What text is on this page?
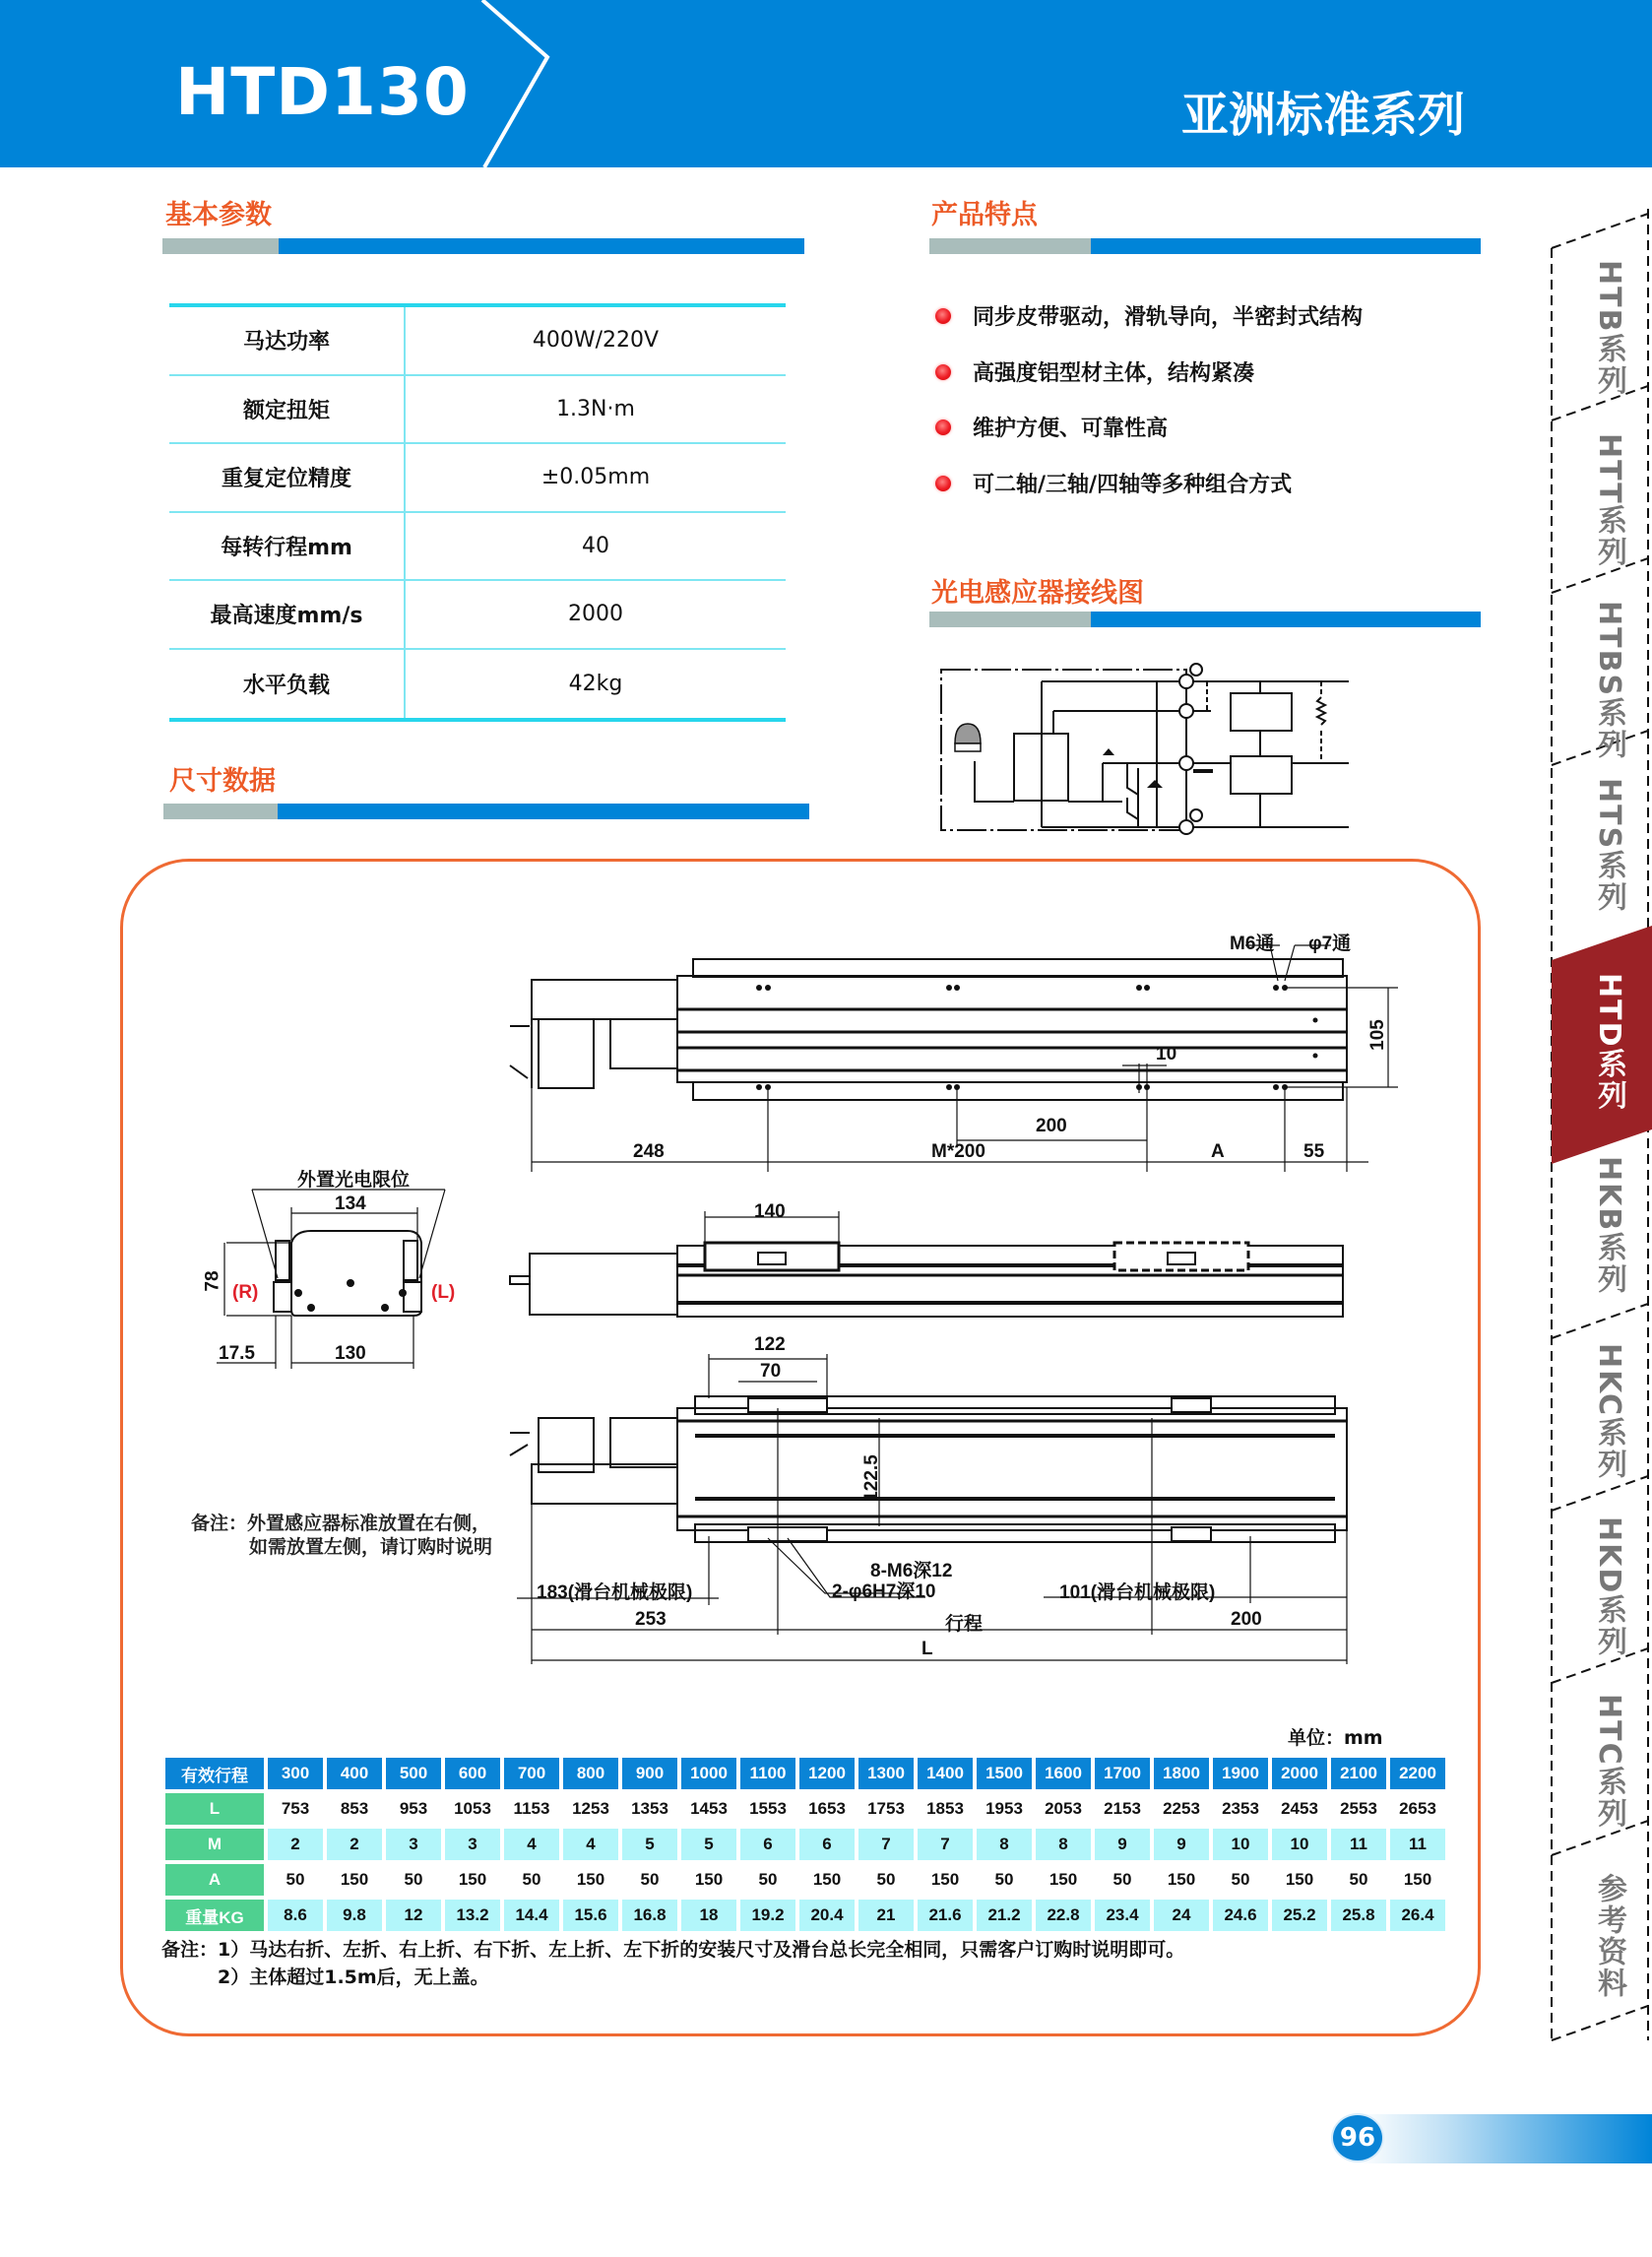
HTD130	亚洲标准系列
基本参数
马达功率	400W/220V
额定扭矩	1.3N·m
重复定位精度	±0.05mm
每转行程mm	40
最高速度mm/s	2000
水平负载	42kg
产品特点
同步皮带驱动，滑轨导向，半密封式结构
高强度铝型材主体，结构紧凑
维护方便、可靠性高
可二轴/三轴/四轴等多种组合方式
光电感应器接线图
尺寸数据
M6通 φ7通
10
105
200
248	M*200	A	55
外置光电限位
134
78
(R)	(L)
17.5	130
140
122
70
122.5
8-M6深12
2-φ6H7深10
183(滑台机械极限)	101(滑台机械极限)
253	行程	200
L
备注：外置感应器标准放置在右侧，
如需放置左侧，请订购时说明
单位：mm
有效行程	300	400	500	600	700	800	900	1000	1100	1200	1300	1400	1500	1600	1700	1800	1900	2000	2100	2200
L	753	853	953	1053	1153	1253	1353	1453	1553	1653	1753	1853	1953	2053	2153	2253	2353	2453	2553	2653
M	2	2	3	3	4	4	5	5	6	6	7	7	8	8	9	9	10	10	11	11
A	50	150	50	150	50	150	50	150	50	150	50	150	50	150	50	150	50	150	50	150
重量KG	8.6	9.8	12	13.2	14.4	15.6	16.8	18	19.2	20.4	21	21.6	21.2	22.8	23.4	24	24.6	25.2	25.8	26.4
备注：1）马达右折、左折、右上折、右下折、左上折、左下折的安装尺寸及滑台总长完全相同，只需客户订购时说明即可。
2）主体超过1.5m后，无上盖。
HTB系列
HTT系列
HTBS系列
HTS系列
HTD系列
HKB系列
HKC系列
HKD系列
HTC系列
参考资料
96
